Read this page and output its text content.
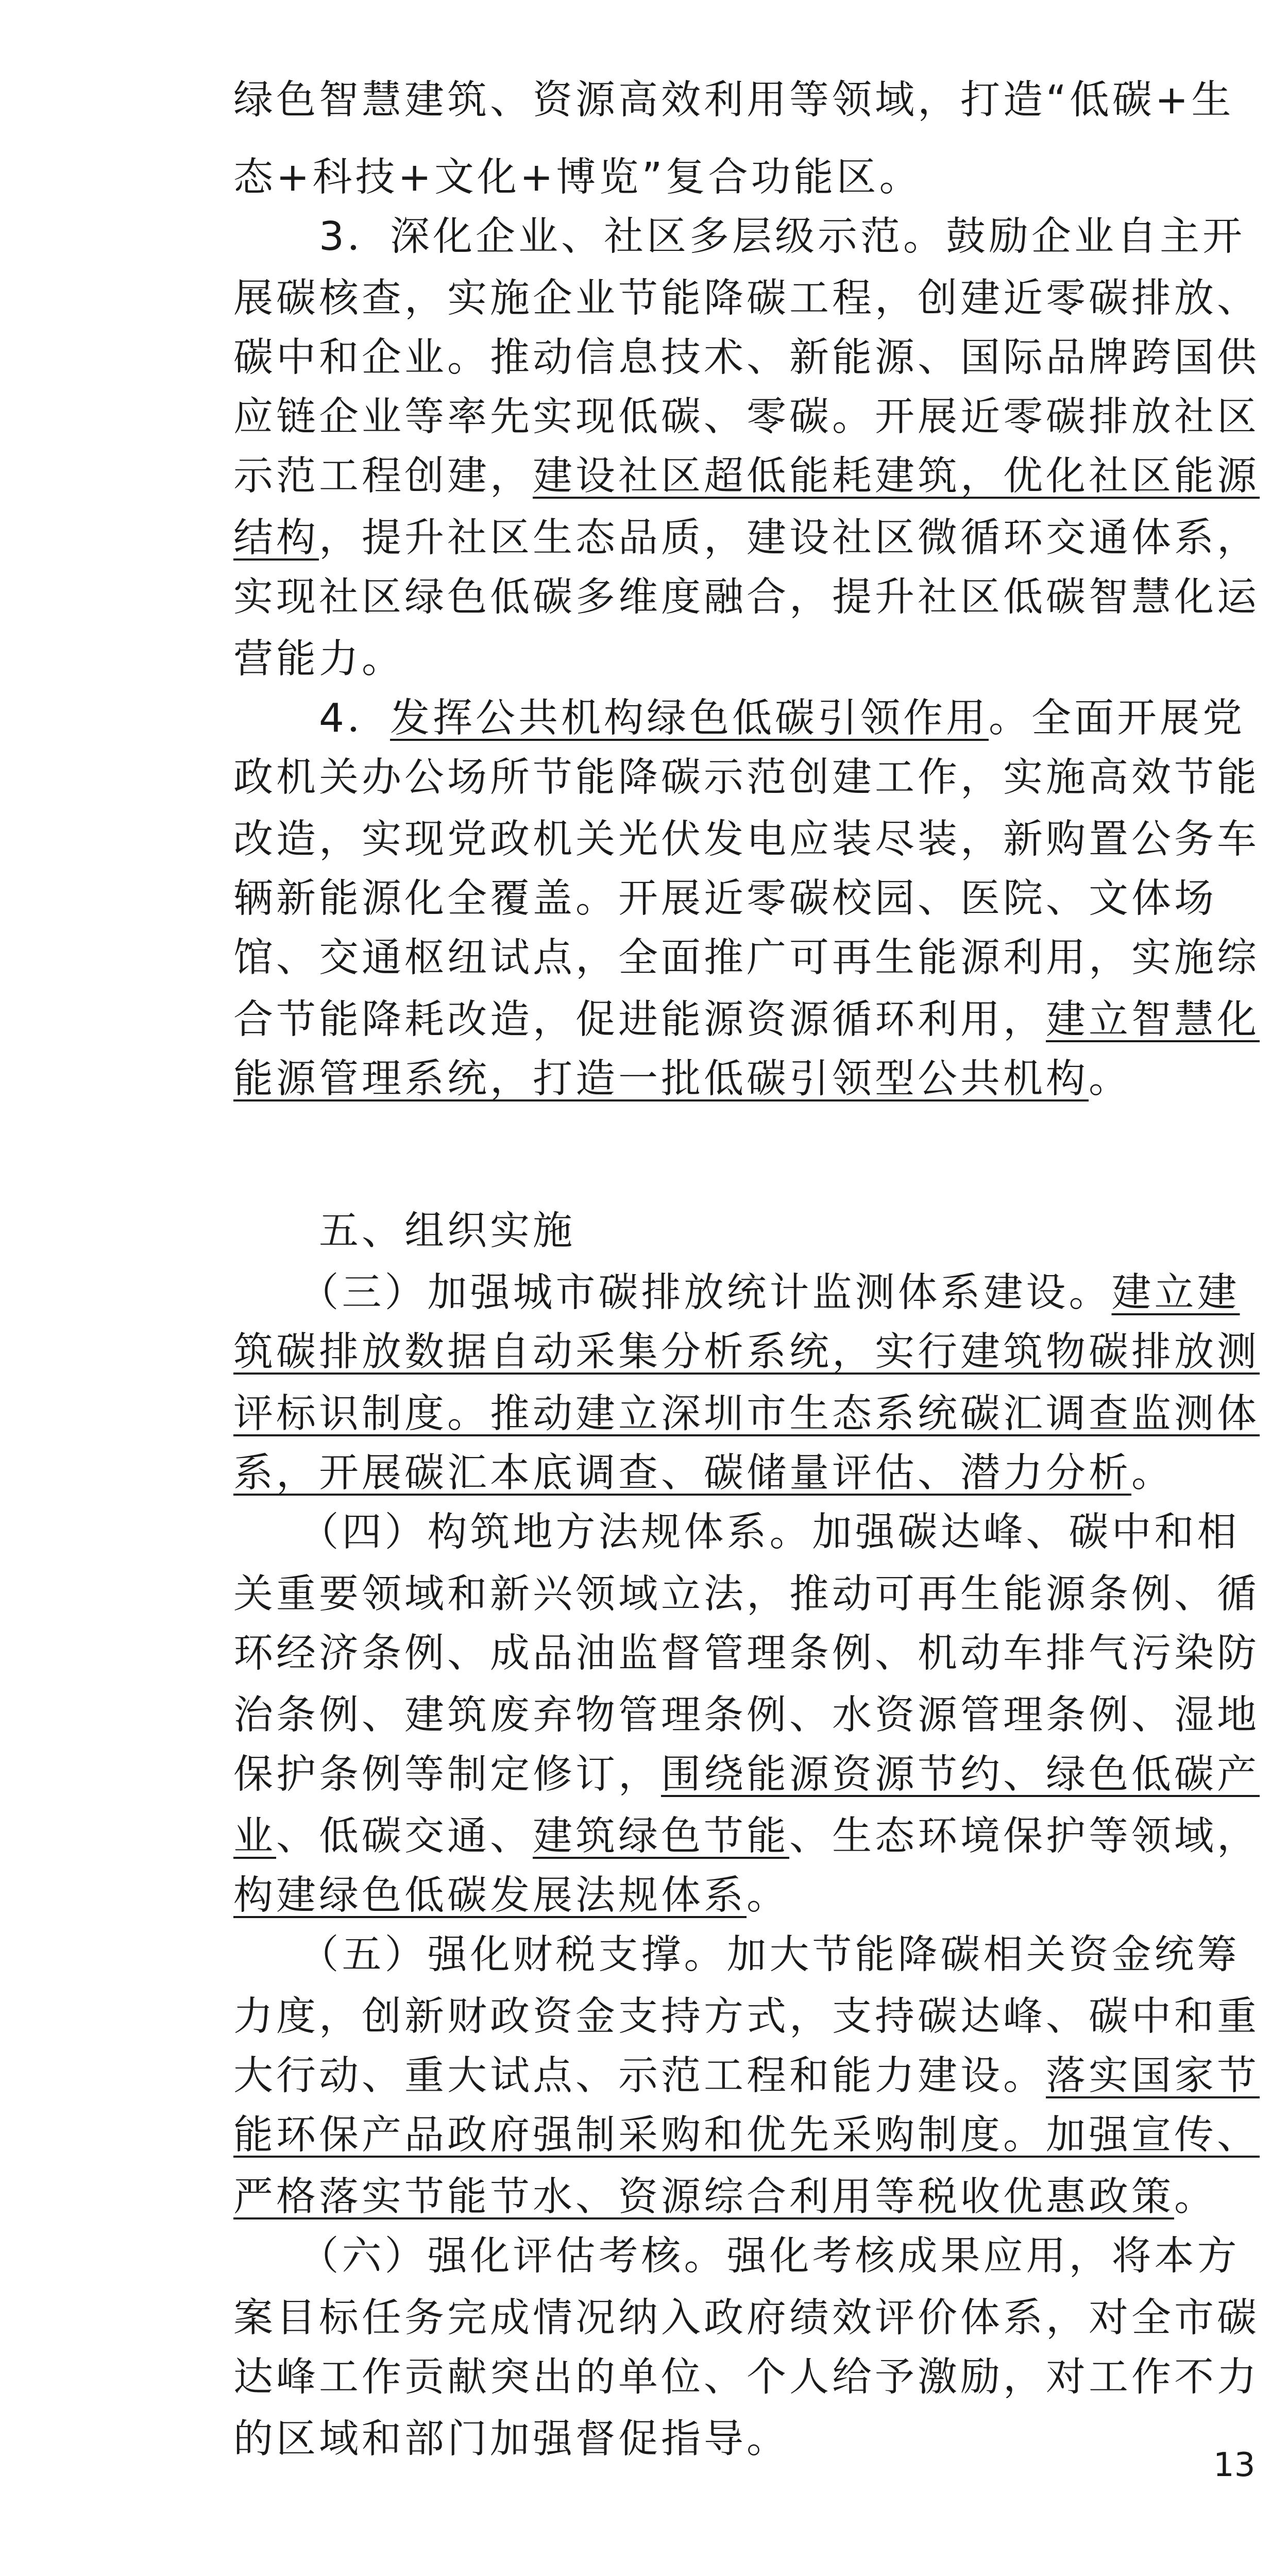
绿色智慧建筑、资源高效利用等领域，打造“低碳+生
态+科技+文化+博览”复合功能区。
　　3．深化企业、社区多层级示范。鼓励企业自主开
展碳核查，实施企业节能降碳工程，创建近零碳排放、
碳中和企业。推动信息技术、新能源、国际品牌跨国供
应链企业等率先实现低碳、零碳。开展近零碳排放社区
示范工程创建，建设社区超低能耗建筑，优化社区能源
结构，提升社区生态品质，建设社区微循环交通体系，
实现社区绿色低碳多维度融合，提升社区低碳智慧化运
营能力。
　　4．发挥公共机构绿色低碳引领作用。全面开展党
政机关办公场所节能降碳示范创建工作，实施高效节能
改造，实现党政机关光伏发电应装尽装，新购置公务车
辆新能源化全覆盖。开展近零碳校园、医院、文体场
馆、交通枢纽试点，全面推广可再生能源利用，实施综
合节能降耗改造，促进能源资源循环利用，建立智慧化
能源管理系统，打造一批低碳引领型公共机构。
　　五、组织实施
　　（三）加强城市碳排放统计监测体系建设。建立建
筑碳排放数据自动采集分析系统，实行建筑物碳排放测
评标识制度。推动建立深圳市生态系统碳汇调查监测体
系，开展碳汇本底调查、碳储量评估、潜力分析。
　　（四）构筑地方法规体系。加强碳达峰、碳中和相
关重要领域和新兴领域立法，推动可再生能源条例、循
环经济条例、成品油监督管理条例、机动车排气污染防
治条例、建筑废弃物管理条例、水资源管理条例、湿地
保护条例等制定修订，围绕能源资源节约、绿色低碳产
业、低碳交通、建筑绿色节能、生态环境保护等领域，
构建绿色低碳发展法规体系。
　　（五）强化财税支撑。加大节能降碳相关资金统筹
力度，创新财政资金支持方式，支持碳达峰、碳中和重
大行动、重大试点、示范工程和能力建设。落实国家节
能环保产品政府强制采购和优先采购制度。加强宣传、
严格落实节能节水、资源综合利用等税收优惠政策。
　　（六）强化评估考核。强化考核成果应用，将本方
案目标任务完成情况纳入政府绩效评价体系，对全市碳
达峰工作贡献突出的单位、个人给予激励，对工作不力
的区域和部门加强督促指导。
13
